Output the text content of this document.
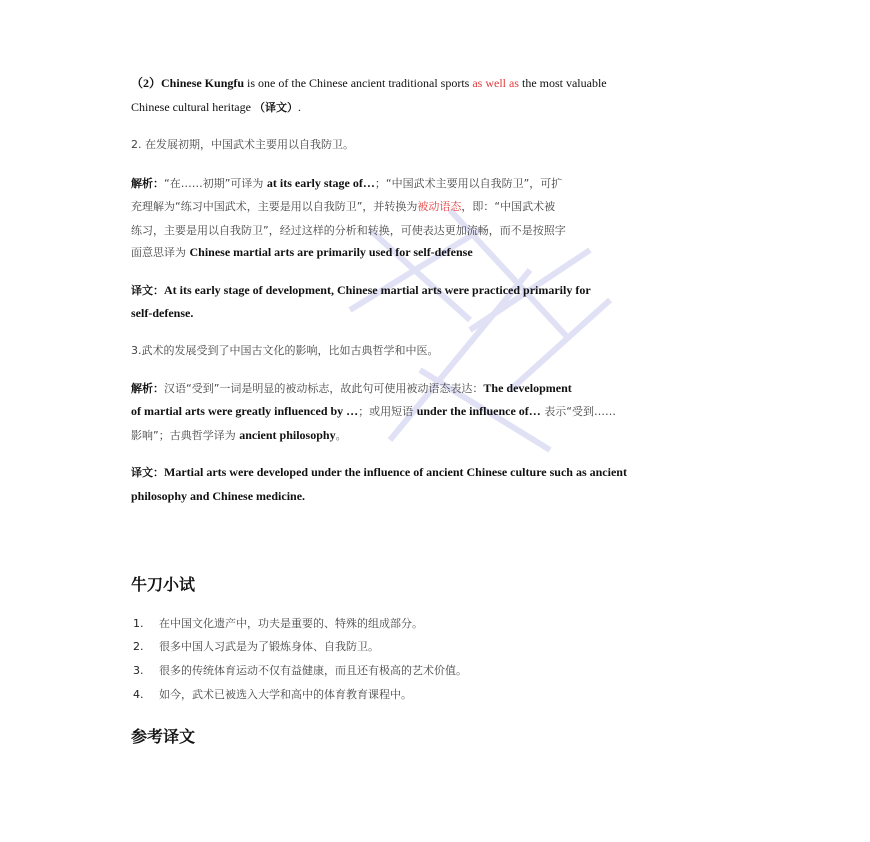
（2）Chinese Kungfu is one of the Chinese ancient traditional sports as well as the most valuable
Chinese cultural heritage （译文）.
2. 在发展初期，中国武术主要用以自我防卫。
解析：“在……初期”可译为 at its early stage of…；“中国武术主要用以自我防卫”，可扩
充理解为“练习中国武术，主要是用以自我防卫”，并转换为被动语态，即：“中国武术被
练习，主要是用以自我防卫”，经过这样的分析和转换，可使表达更加流畅，而不是按照字
面意思译为 Chinese martial arts are primarily used for self-defense
译文：At its early stage of development, Chinese martial arts were practiced primarily for
self-defense.
3.武术的发展受到了中国古文化的影响，比如古典哲学和中医。
解析：汉语“受到”一词是明显的被动标志，故此句可使用被动语态表达：The development
of martial arts were greatly influenced by …；或用短语 under the influence of… 表示“受到……
影响”；古典哲学译为 ancient philosophy。
译文：Martial arts were developed under the influence of ancient Chinese culture such as ancient
philosophy and Chinese medicine.
牛刀小试
1. 在中国文化遗产中，功夫是重要的、特殊的组成部分。
2. 很多中国人习武是为了锻炼身体、自我防卫。
3. 很多的传统体育运动不仅有益健康，而且还有极高的艺术价值。
4. 如今，武术已被选入大学和高中的体育教育课程中。
参考译文
